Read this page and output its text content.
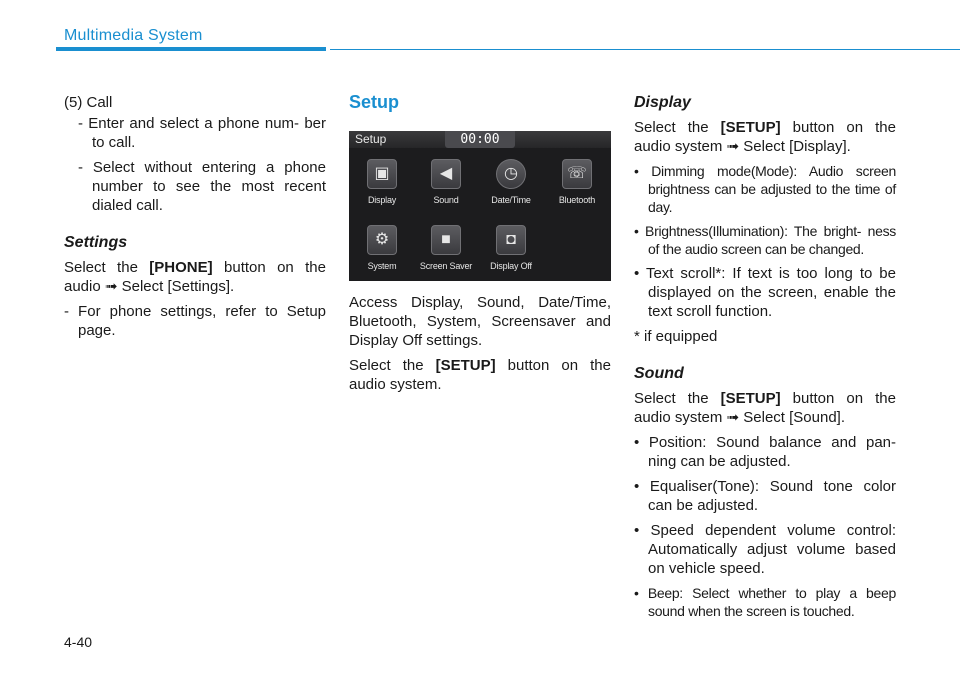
Multimedia System

(5) Call

- Enter and select a phone num- ber to call.

- Select without entering a phone number to see the most recent dialed call.

Settings

Select the [PHONE] button on the audio ➟ Select [Settings].

- For phone settings, refer to Setup page.

Setup

Setup	00:00
▣
Display
◀
Sound
◷
Date/Time
☏
Bluetooth
⚙
System
■
Screen Saver
◘
Display Off

Access Display, Sound, Date/Time, Bluetooth, System, Screensaver and Display Off settings.

Select the [SETUP] button on the audio system.

Display

Select the [SETUP] button on the audio system ➟ Select [Display].

• Dimming mode(Mode): Audio screen brightness can be adjusted to the time of day.

• Brightness(Illumination): The bright- ness of the audio screen can be changed.

• Text scroll*: If text is too long to be displayed on the screen, enable the text scroll function.

* if equipped

Sound

Select the [SETUP] button on the audio system ➟ Select [Sound].

• Position: Sound balance and pan- ning can be adjusted.

• Equaliser(Tone): Sound tone color can be adjusted.

• Speed dependent volume control: Automatically adjust volume based on vehicle speed.

• Beep: Select whether to play a beep sound when the screen is touched.

4-40
